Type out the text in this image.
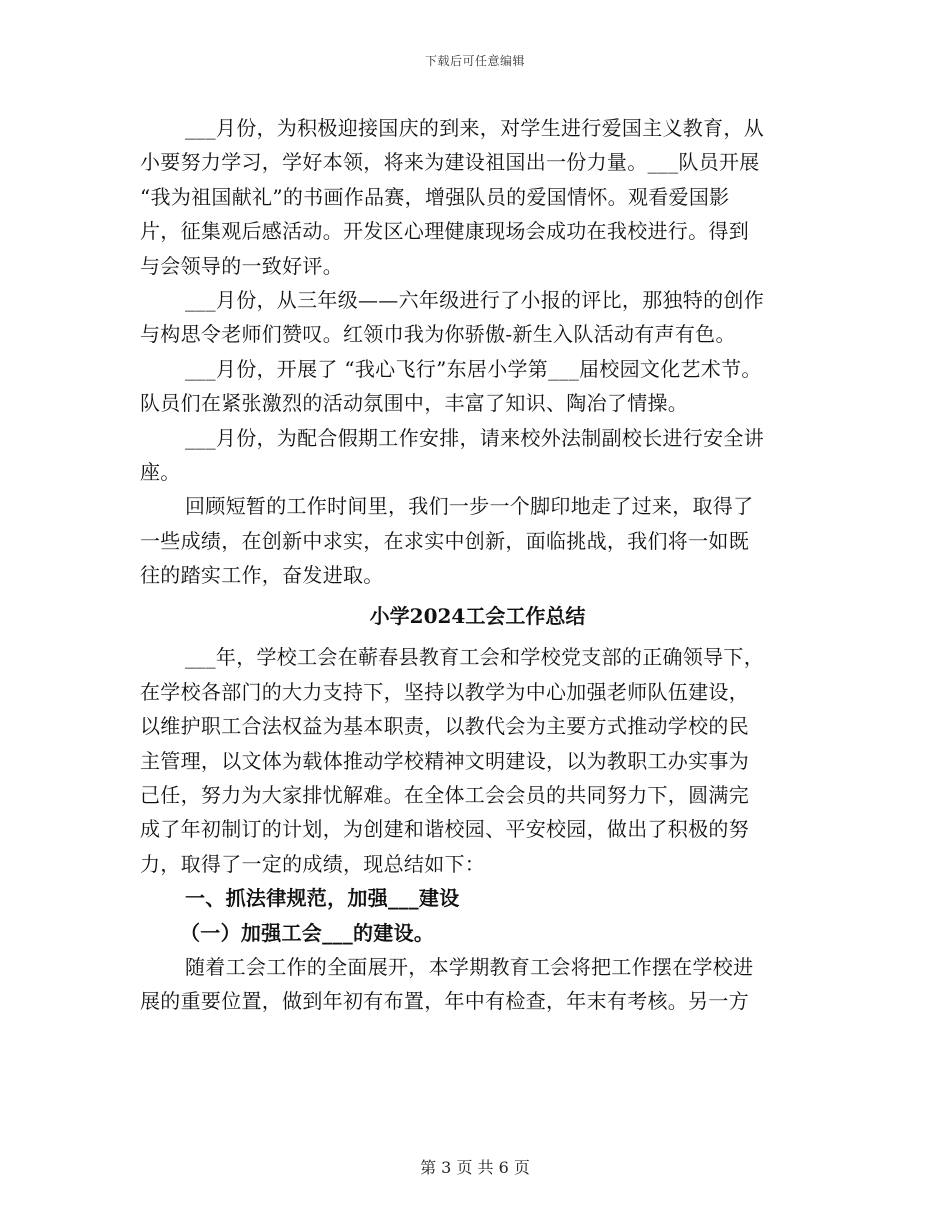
下载后可任意编辑
___月份，为积极迎接国庆的到来，对学生进行爱国主义教育，从
小要努力学习，学好本领，将来为建设祖国出一份力量。___队员开展
“我为祖国献礼”的书画作品赛，增强队员的爱国情怀。观看爱国影
片，征集观后感活动。开发区心理健康现场会成功在我校进行。得到
与会领导的一致好评。
___月份，从三年级——六年级进行了小报的评比，那独特的创作
与构思令老师们赞叹。红领巾我为你骄傲-新生入队活动有声有色。
___月份，开展了 “我心飞行”东居小学第___届校园文化艺术节。
队员们在紧张激烈的活动氛围中，丰富了知识、陶冶了情操。
___月份，为配合假期工作安排，请来校外法制副校长进行安全讲
座。
回顾短暂的工作时间里，我们一步一个脚印地走了过来，取得了
一些成绩，在创新中求实，在求实中创新，面临挑战，我们将一如既
往的踏实工作，奋发进取。
小学2024工会工作总结
___年，学校工会在蕲春县教育工会和学校党支部的正确领导下，
在学校各部门的大力支持下，坚持以教学为中心加强老师队伍建设，
以维护职工合法权益为基本职责，以教代会为主要方式推动学校的民
主管理，以文体为载体推动学校精神文明建设，以为教职工办实事为
己任，努力为大家排忧解难。在全体工会会员的共同努力下，圆满完
成了年初制订的计划，为创建和谐校园、平安校园，做出了积极的努
力，取得了一定的成绩，现总结如下：
一、抓法律规范，加强___建设
（一）加强工会___的建设。
随着工会工作的全面展开，本学期教育工会将把工作摆在学校进
展的重要位置，做到年初有布置，年中有检查，年末有考核。另一方
第 3 页 共 6 页
